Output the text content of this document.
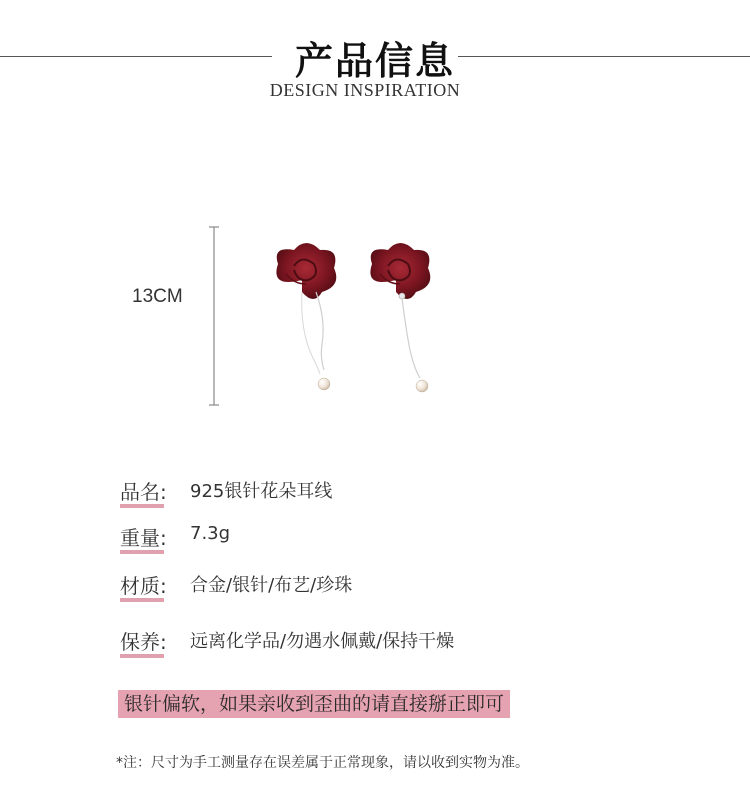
产品信息
DESIGN INSPIRATION
13CM
品名: 925银针花朵耳线
重量: 7.3g
材质: 合金/银针/布艺/珍珠
保养: 远离化学品/勿遇水佩戴/保持干燥
银针偏软，如果亲收到歪曲的请直接掰正即可
*注：尺寸为手工测量存在误差属于正常现象，请以收到实物为准。
